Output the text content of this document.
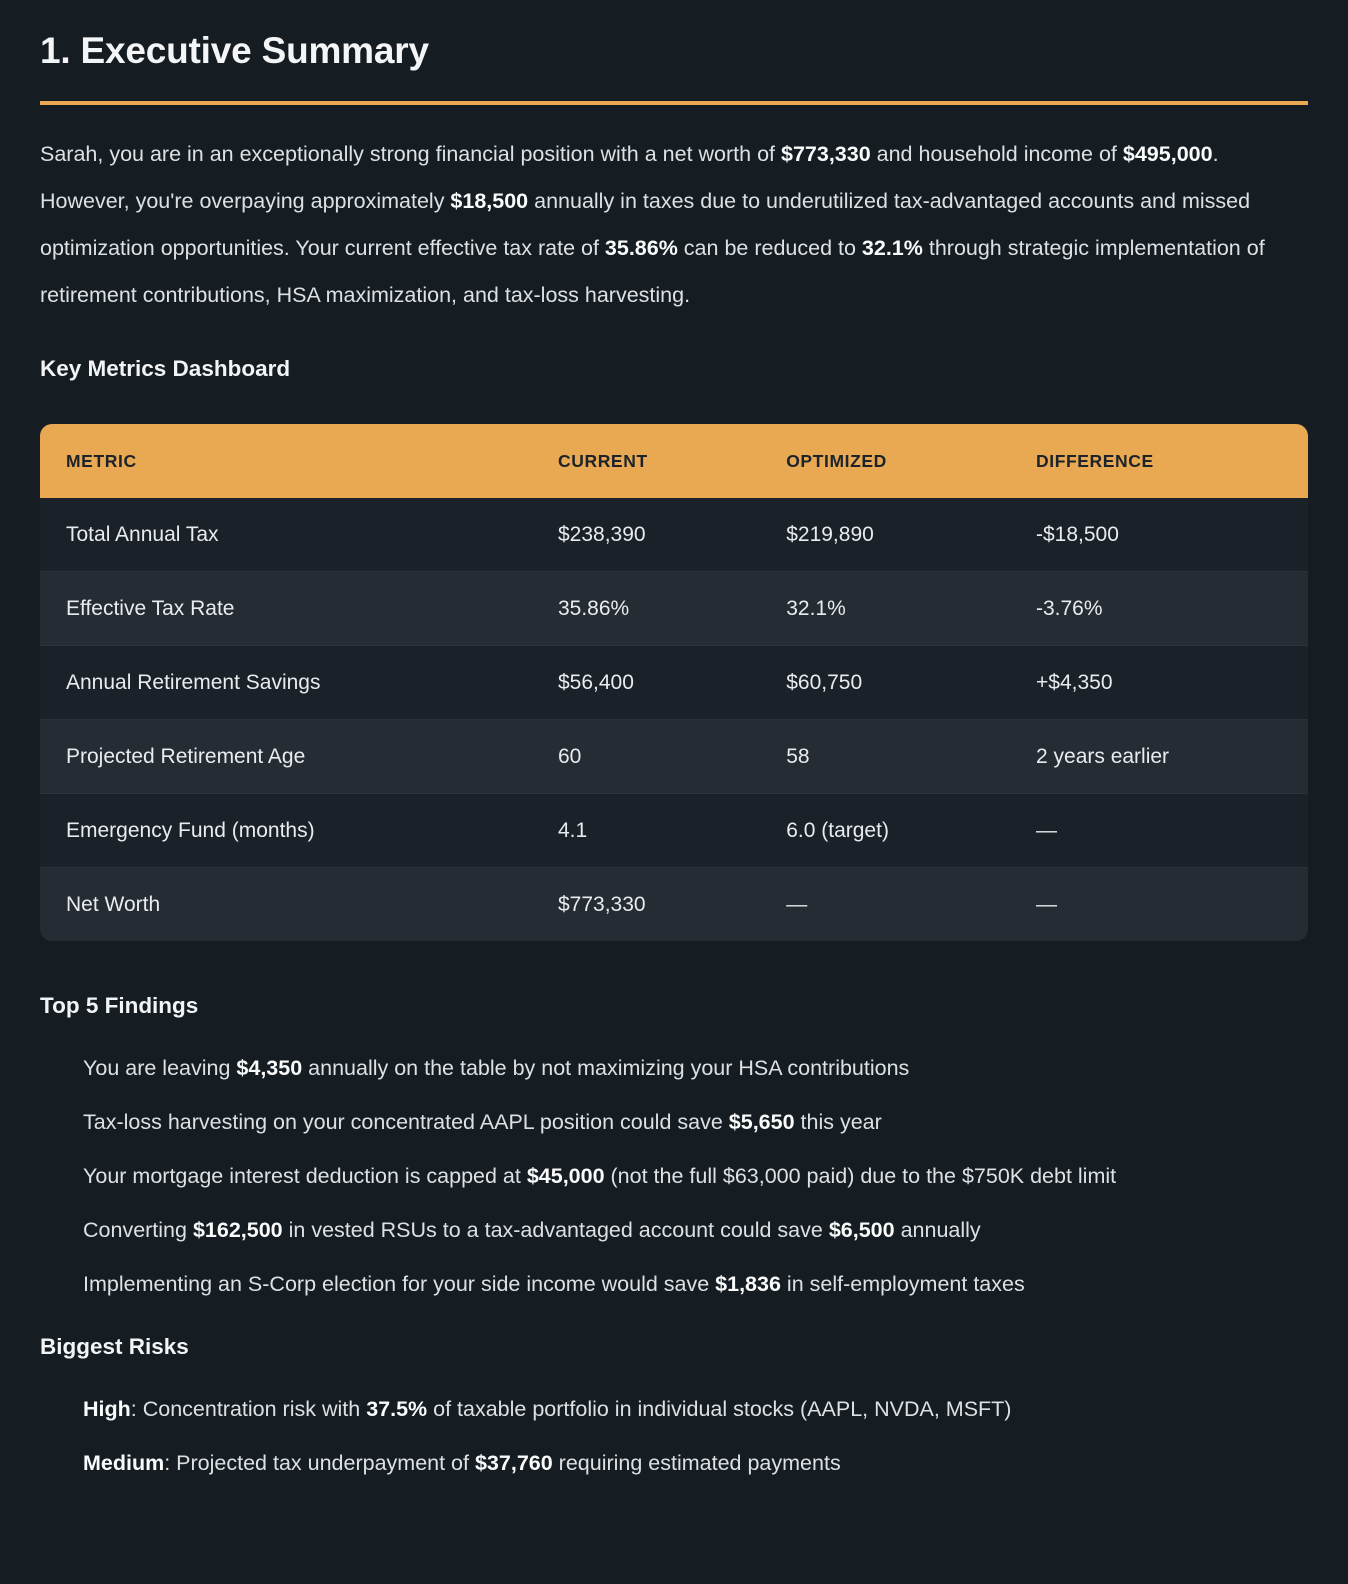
1. Executive Summary

Sarah, you are in an exceptionally strong financial position with a net worth of $773,330 and household income of $495,000. However, you're overpaying approximately $18,500 annually in taxes due to underutilized tax-advantaged accounts and missed optimization opportunities. Your current effective tax rate of 35.86% can be reduced to 32.1% through strategic implementation of retirement contributions, HSA maximization, and tax-loss harvesting.

Key Metrics Dashboard
METRIC	CURRENT	OPTIMIZED	DIFFERENCE
Total Annual Tax	$238,390	$219,890	-$18,500
Effective Tax Rate	35.86%	32.1%	-3.76%
Annual Retirement Savings	$56,400	$60,750	+$4,350
Projected Retirement Age	60	58	2 years earlier
Emergency Fund (months)	4.1	6.0 (target)	—
Net Worth	$773,330	—	—
Top 5 Findings
You are leaving $4,350 annually on the table by not maximizing your HSA contributions
Tax-loss harvesting on your concentrated AAPL position could save $5,650 this year
Your mortgage interest deduction is capped at $45,000 (not the full $63,000 paid) due to the $750K debt limit
Converting $162,500 in vested RSUs to a tax-advantaged account could save $6,500 annually
Implementing an S-Corp election for your side income would save $1,836 in self-employment taxes
Biggest Risks
High: Concentration risk with 37.5% of taxable portfolio in individual stocks (AAPL, NVDA, MSFT)
Medium: Projected tax underpayment of $37,760 requiring estimated payments
